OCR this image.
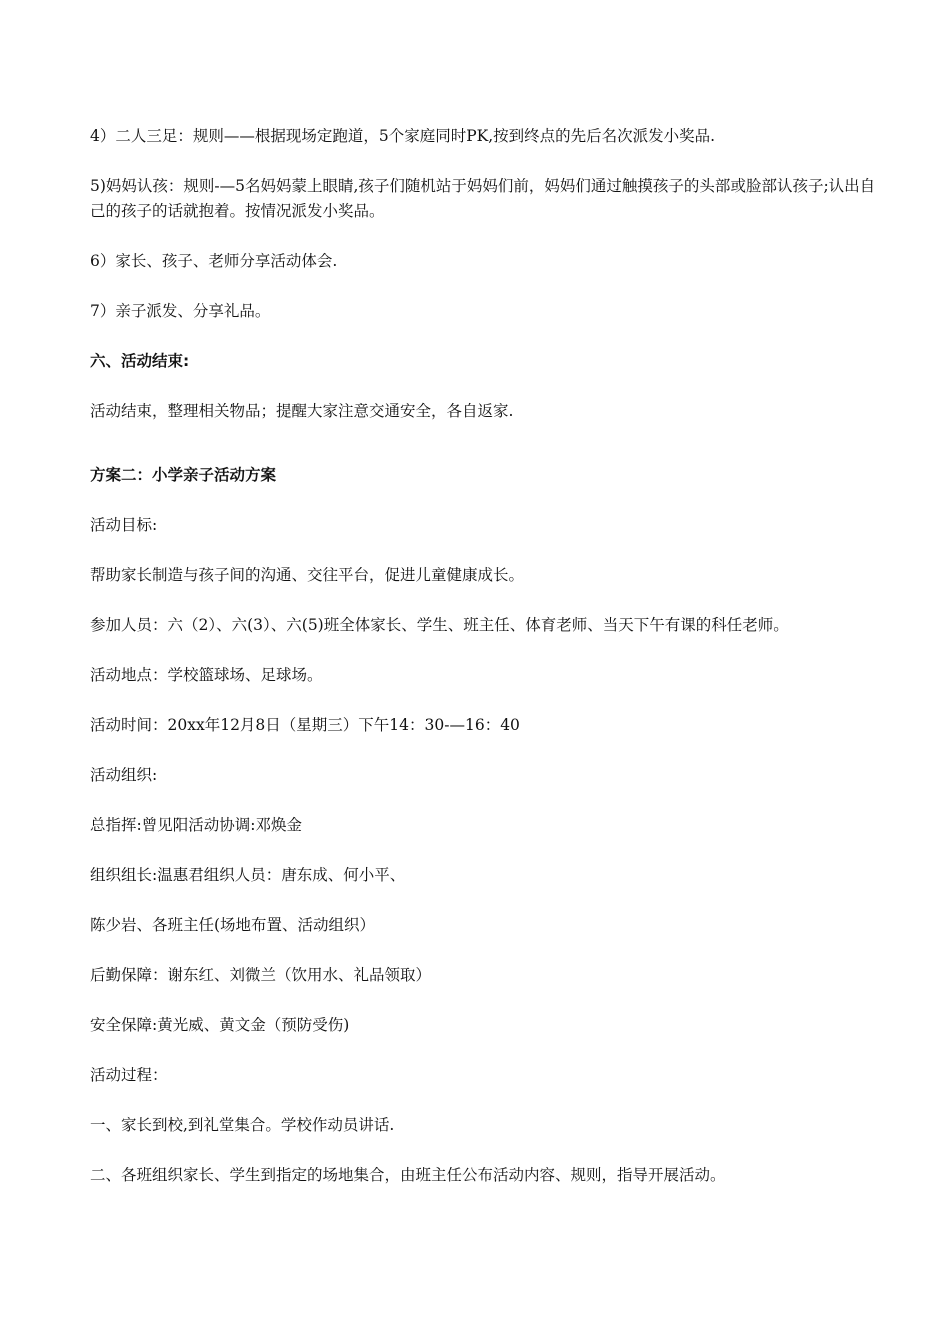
4）二人三足：规则——根据现场定跑道，5个家庭同时PK,按到终点的先后名次派发小奖品.

5)妈妈认孩：规则-—5名妈妈蒙上眼睛,孩子们随机站于妈妈们前，妈妈们通过触摸孩子的头部或脸部认孩子;认出自己的孩子的话就抱着。按情况派发小奖品。

6）家长、孩子、老师分享活动体会.

7）亲子派发、分享礼品。

六、活动结束:

活动结束，整理相关物品；提醒大家注意交通安全，各自返家.

方案二：小学亲子活动方案

活动目标:

帮助家长制造与孩子间的沟通、交往平台，促进儿童健康成长。

参加人员：六（2）、六(3）、六(5)班全体家长、学生、班主任、体育老师、当天下午有课的科任老师。

活动地点：学校篮球场、足球场。

活动时间：20xx年12月8日（星期三）下午14：30-—16：40

活动组织:

总指挥:曾见阳活动协调:邓焕金

组织组长:温惠君组织人员：唐东成、何小平、

陈少岩、各班主任(场地布置、活动组织）

后勤保障：谢东红、刘微兰（饮用水、礼品领取）

安全保障:黄光威、黄文金（预防受伤)

活动过程：

一、家长到校,到礼堂集合。学校作动员讲话.

二、各班组织家长、学生到指定的场地集合，由班主任公布活动内容、规则，指导开展活动。
